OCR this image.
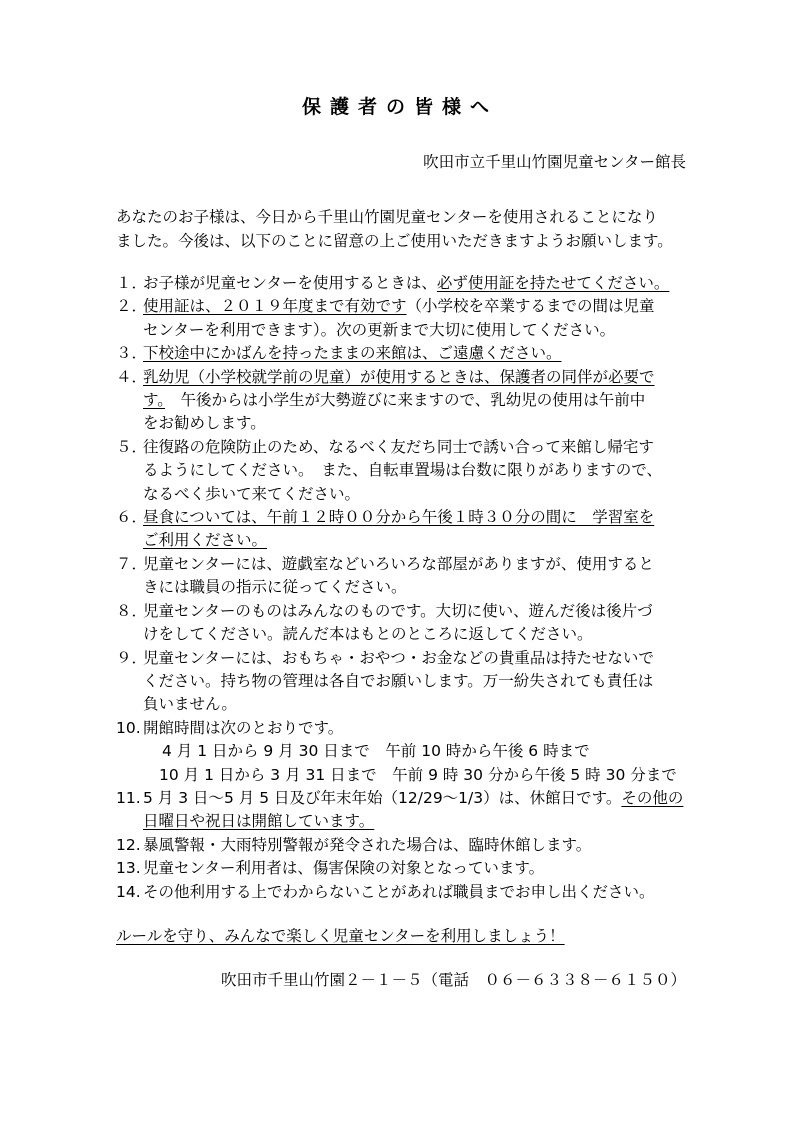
保護者の皆様へ
吹田市立千里山竹園児童センター館長
あなたのお子様は、今日から千里山竹園児童センターを使用されることになり
ました。今後は、以下のことに留意の上ご使用いただきますようお願いします。
１．
お子様が児童センターを使用するときは、必ず使用証を持たせてください。
２．
使用証は、２０１９年度まで有効です（小学校を卒業するまでの間は児童
センターを利用できます）。次の更新まで大切に使用してください。
３．
下校途中にかばんを持ったままの来館は、ご遠慮ください。
４．
乳幼児（小学校就学前の児童）が使用するときは、保護者の同伴が必要で
す。　午後からは小学生が大勢遊びに来ますので、乳幼児の使用は午前中
をお勧めします。
５．
往復路の危険防止のため、なるべく友だち同士で誘い合って来館し帰宅す
るようにしてください。　また、自転車置場は台数に限りがありますので、
なるべく歩いて来てください。
６．
昼食については、午前１２時００分から午後１時３０分の間に　学習室を
ご利用ください。
７．
児童センターには、遊戯室などいろいろな部屋がありますが、使用すると
きには職員の指示に従ってください。
８．
児童センターのものはみんなのものです。大切に使い、遊んだ後は後片づ
けをしてください。読んだ本はもとのところに返してください。
９．
児童センターには、おもちゃ・おやつ・お金などの貴重品は持たせないで
ください。持ち物の管理は各自でお願いします。万一紛失されても責任は
負いません。
10. 開館時間は次のとおりです。
4 月 1 日から 9 月 30 日まで　午前 10 時から午後 6 時まで
10 月 1 日から 3 月 31 日まで　午前 9 時 30 分から午後 5 時 30 分まで
11. 5 月 3 日～5 月 5 日及び年末年始（12/29～1/3）は、休館日です。その他の
日曜日や祝日は開館しています。
12. 暴風警報・大雨特別警報が発令された場合は、臨時休館します。
13. 児童センター利用者は、傷害保険の対象となっています。
14. その他利用する上でわからないことがあれば職員までお申し出ください。
ルールを守り、みんなで楽しく児童センターを利用しましょう！
吹田市千里山竹園２－１－５（電話　０６－６３３８－６１５０）
